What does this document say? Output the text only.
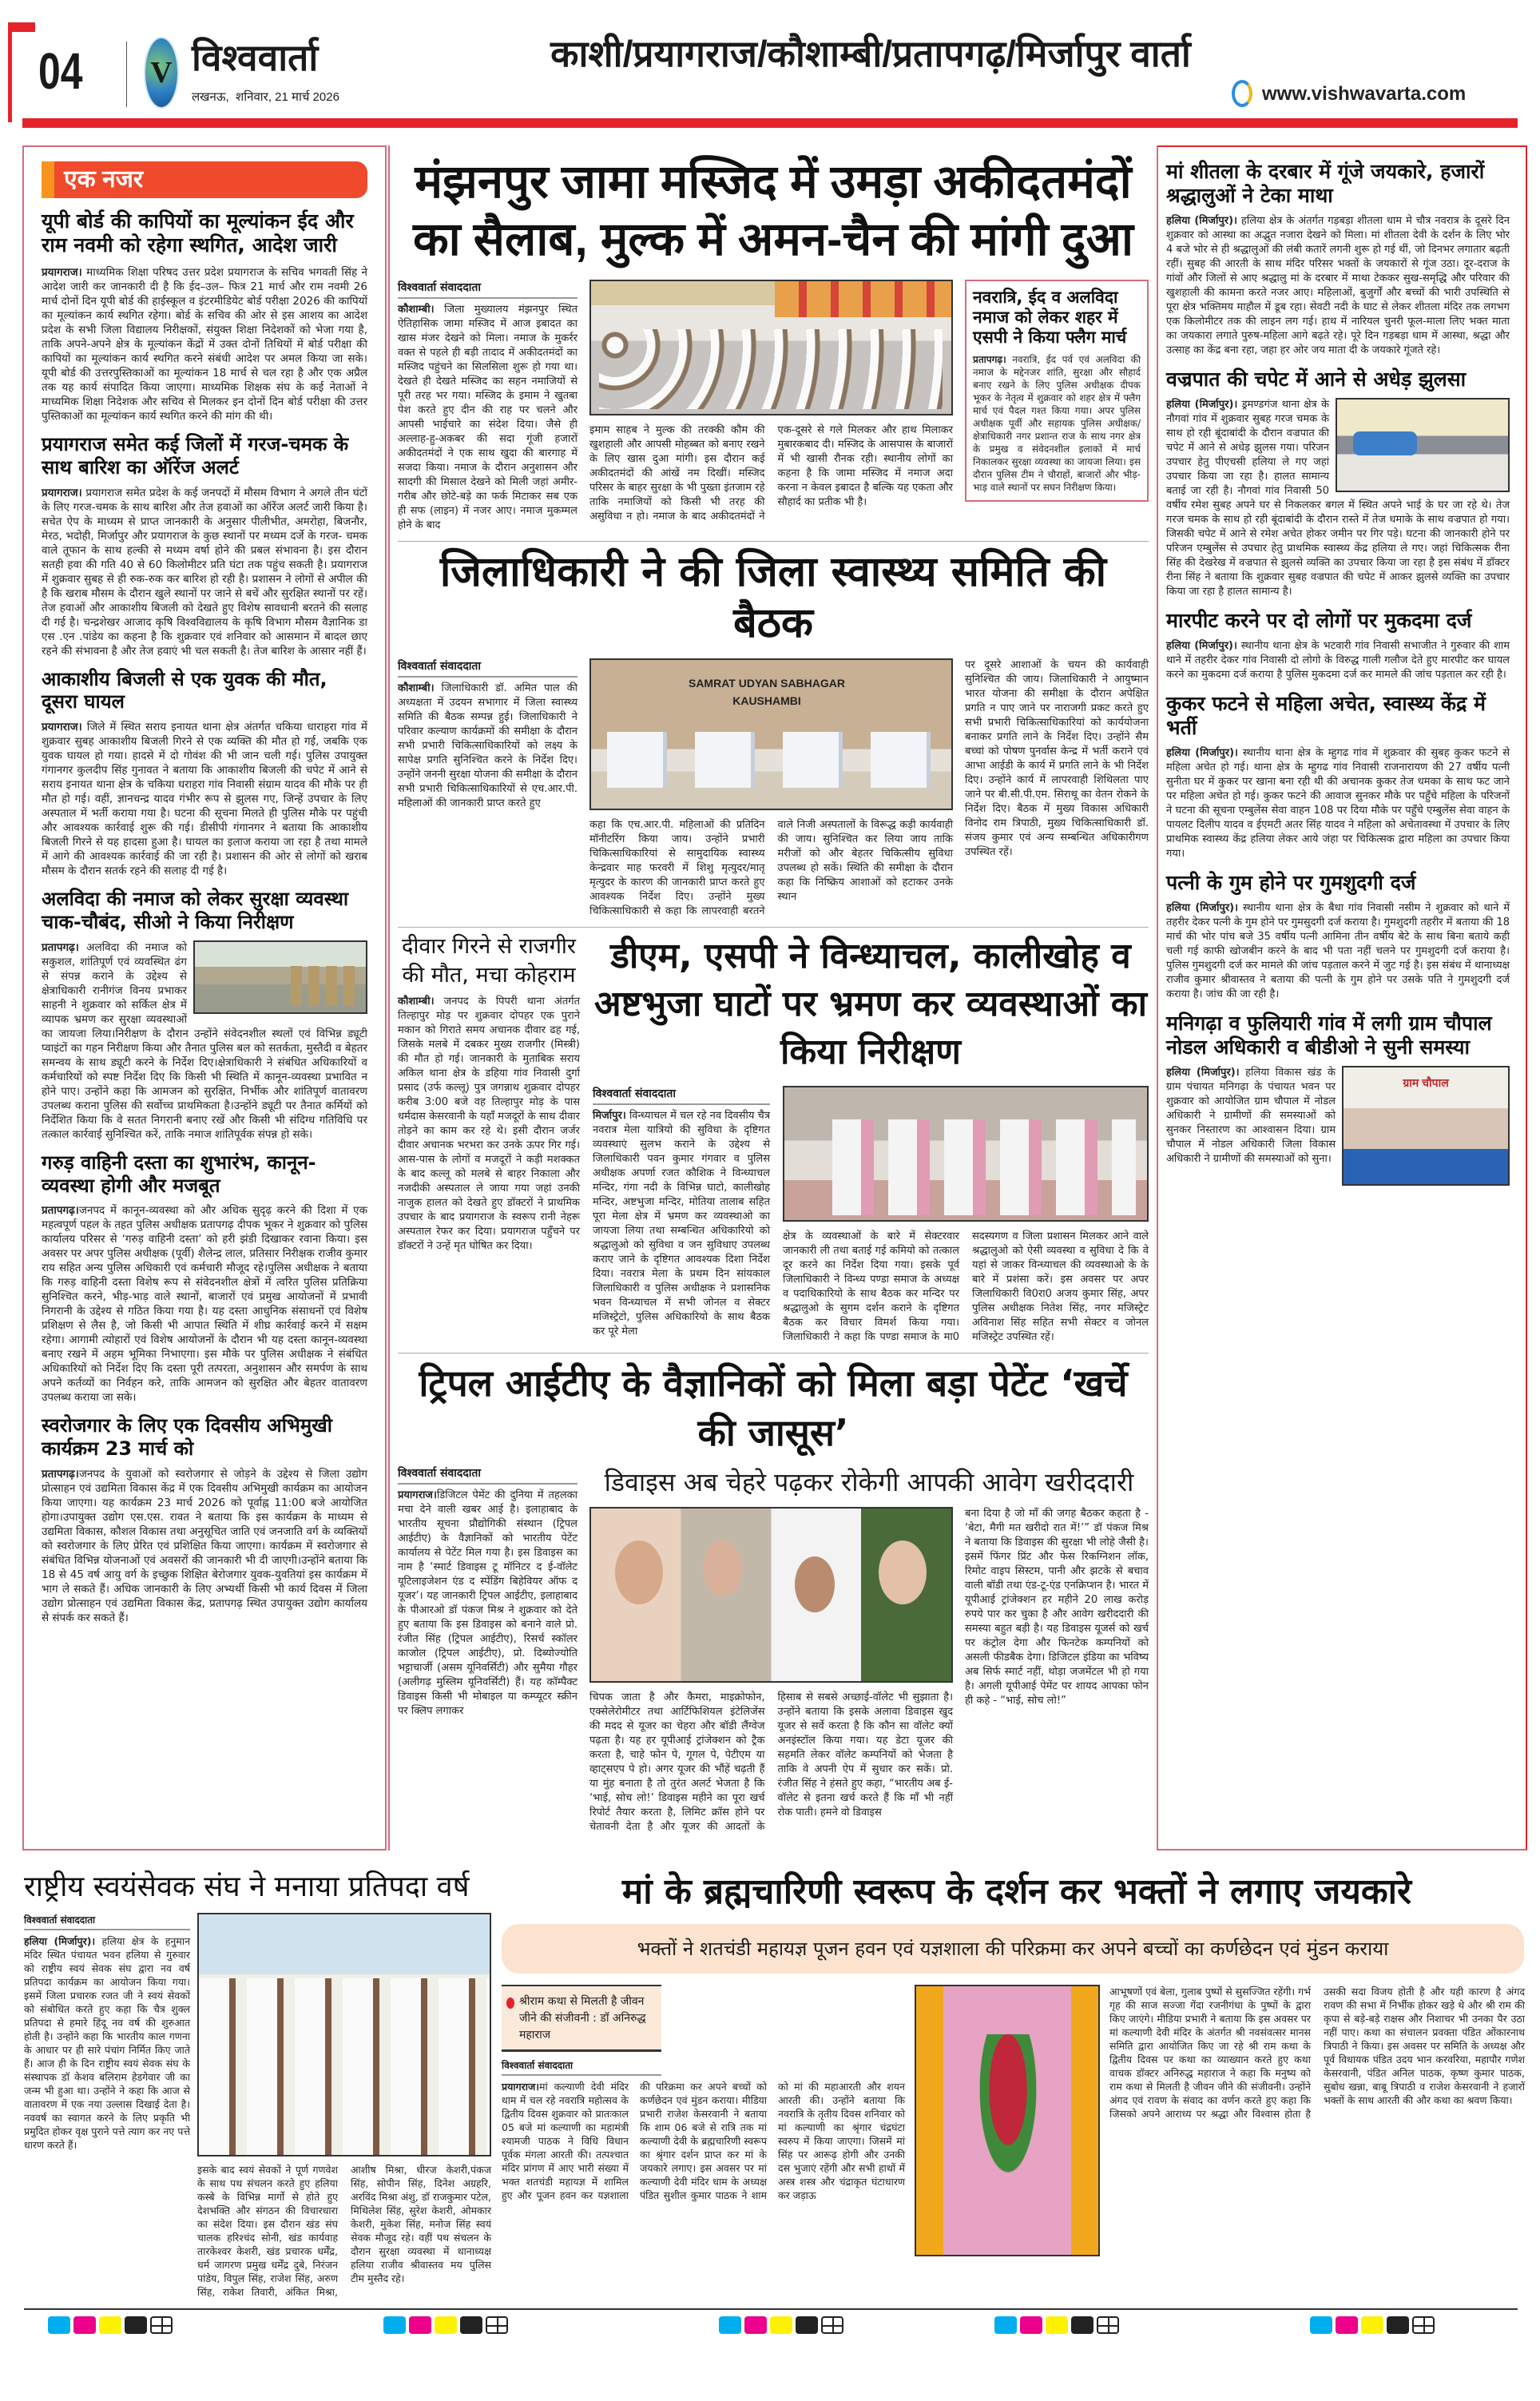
04 V विश्ववार्ता
लखनऊ,  शनिवार, 21 मार्च 2026
काशी/प्रयागराज/कौशाम्बी/प्रतापगढ़/मिर्जापुर वार्ता
www.vishwavarta.com
एक नजर
यूपी बोर्ड की कापियों का मूल्यांकन ईद और राम नवमी को रहेगा स्थगित, आदेश जारी

प्रयागराज। माध्यमिक शिक्षा परिषद उत्तर प्रदेश प्रयागराज के सचिव भगवती सिंह ने आदेश जारी कर जानकारी दी है कि ईद–उल– फित्र 21 मार्च और राम नवमी 26 मार्च दोनों दिन यूपी बोर्ड की हाईस्कूल व इंटरमीडियेट बोर्ड परीक्षा 2026 की कापियों का मूल्यांकन कार्य स्थगित रहेगा। बोर्ड के सचिव की ओर से इस आशय का आदेश प्रदेश के सभी जिला विद्यालय निरीक्षकों, संयुक्त शिक्षा निदेशकों को भेजा गया है, ताकि अपने-अपने क्षेत्र के मूल्यांकन केंद्रों में उक्त दोनों तिथियों में बोर्ड परीक्षा की कापियों का मूल्यांकन कार्य स्थगित करने संबंधी आदेश पर अमल किया जा सके। यूपी बोर्ड की उत्तरपुस्तिकाओं का मूल्यांकन 18 मार्च से चल रहा है और एक अप्रैल तक यह कार्य संपादित किया जाएगा। माध्यमिक शिक्षक संघ के कई नेताओं ने माध्यमिक शिक्षा निदेशक और सचिव से मिलकर इन दोनों दिन बोर्ड परीक्षा की उत्तर पुस्तिकाओं का मूल्यांकन कार्य स्थगित करने की मांग की थी।

प्रयागराज समेत कई जिलों में गरज-चमक के साथ बारिश का ऑरेंज अलर्ट

प्रयागराज। प्रयागराज समेत प्रदेश के कई जनपदों में मौसम विभाग ने अगले तीन घंटों के लिए गरज-चमक के साथ बारिश और तेज हवाओं का ऑरेंज अलर्ट जारी किया है। सचेत ऐप के माध्यम से प्राप्त जानकारी के अनुसार पीलीभीत, अमरोहा, बिजनौर, मेरठ, भदोही, मिर्जापुर और प्रयागराज के कुछ स्थानों पर मध्यम दर्जे के गरज- चमक वाले तूफान के साथ हल्की से मध्यम वर्षा होने की प्रबल संभावना है। इस दौरान सतही हवा की गति 40 से 60 किलोमीटर प्रति घंटा तक पहुंच सकती है। प्रयागराज में शुक्रवार सुबह से ही रुक-रुक कर बारिश हो रही है। प्रशासन ने लोगों से अपील की है कि खराब मौसम के दौरान खुले स्थानों पर जाने से बचें और सुरक्षित स्थानों पर रहें। तेज हवाओं और आकाशीय बिजली को देखते हुए विशेष सावधानी बरतने की सलाह दी गई है। चन्द्रशेखर आजाद कृषि विश्वविद्यालय के कृषि विभाग मौसम वैज्ञानिक डा एस .एन .पांडेय का कहना है कि शुक्रवार एवं शनिवार को आसमान में बादल छाए रहने की संभावना है और तेज हवाएं भी चल सकती है। तेज बारिश के आसार नहीं हैं।

आकाशीय बिजली से एक युवक की मौत, दूसरा घायल

प्रयागराज। जिले में स्थित सराय इनायत थाना क्षेत्र अंतर्गत चकिया धाराहरा गांव में शुक्रवार सुबह आकाशीय बिजली गिरने से एक व्यक्ति की मौत हो गई, जबकि एक युवक घायल हो गया। हादसे में दो गोवंश की भी जान चली गई। पुलिस उपायुक्त गंगानगर कुलदीप सिंह गुनावत ने बताया कि आकाशीय बिजली की चपेट में आने से सराय इनायत थाना क्षेत्र के चकिया धराहरा गांव निवासी संग्राम यादव की मौके पर ही मौत हो गई। वहीं, ज्ञानचन्द्र यादव गंभीर रूप से झुलस गए, जिन्हें उपचार के लिए अस्पताल में भर्ती कराया गया है। घटना की सूचना मिलते ही पुलिस मौके पर पहुंची और आवश्यक कार्रवाई शुरू की गई। डीसीपी गंगानगर ने बताया कि आकाशीय बिजली गिरने से यह हादसा हुआ है। घायल का इलाज कराया जा रहा है तथा मामले में आगे की आवश्यक कार्रवाई की जा रही है। प्रशासन की ओर से लोगों को खराब मौसम के दौरान सतर्क रहने की सलाह दी गई है।

अलविदा की नमाज को लेकर सुरक्षा व्यवस्था चाक-चौबंद, सीओ ने किया निरीक्षण

प्रतापगढ़। अलविदा की नमाज को सकुशल, शांतिपूर्ण एवं व्यवस्थित ढंग से संपन्न कराने के उद्देश्य से क्षेत्राधिकारी रानीगंज विनय प्रभाकर साहनी ने शुक्रवार को सर्किल क्षेत्र में व्यापक भ्रमण कर सुरक्षा व्यवस्थाओं का जायजा लिया।निरीक्षण के दौरान उन्होंने संवेदनशील स्थलों एवं विभिन्न ड्यूटी प्वाइंटों का गहन निरीक्षण किया और तैनात पुलिस बल को सतर्कता, मुस्तैदी व बेहतर समन्वय के साथ ड्यूटी करने के निर्देश दिए।क्षेत्राधिकारी ने संबंधित अधिकारियों व कर्मचारियों को स्पष्ट निर्देश दिए कि किसी भी स्थिति में कानून-व्यवस्था प्रभावित न होने पाए। उन्होंने कहा कि आमजन को सुरक्षित, निर्भीक और शांतिपूर्ण वातावरण उपलब्ध कराना पुलिस की सर्वोच्च प्राथमिकता है।उन्होंने ड्यूटी पर तैनात कर्मियों को निर्देशित किया कि वे सतत निगरानी बनाए रखें और किसी भी संदिग्ध गतिविधि पर तत्काल कार्रवाई सुनिश्चित करें, ताकि नमाज शांतिपूर्वक संपन्न हो सके।

गरुड़ वाहिनी दस्ता का शुभारंभ, कानून-व्यवस्था होगी और मजबूत

प्रतापगढ़।जनपद में कानून-व्यवस्था को और अधिक सुदृढ़ करने की दिशा में एक महत्वपूर्ण पहल के तहत पुलिस अधीक्षक प्रतापगढ़ दीपक भूकर ने शुक्रवार को पुलिस कार्यालय परिसर से ‘गरुड़ वाहिनी दस्ता’ को हरी झंडी दिखाकर रवाना किया। इस अवसर पर अपर पुलिस अधीक्षक (पूर्वी) शैलेन्द्र लाल, प्रतिसार निरीक्षक राजीव कुमार राय सहित अन्य पुलिस अधिकारी एवं कर्मचारी मौजूद रहे।पुलिस अधीक्षक ने बताया कि गरुड़ वाहिनी दस्ता विशेष रूप से संवेदनशील क्षेत्रों में त्वरित पुलिस प्रतिक्रिया सुनिश्चित करने, भीड़-भाड़ वाले स्थानों, बाजारों एवं प्रमुख आयोजनों में प्रभावी निगरानी के उद्देश्य से गठित किया गया है। यह दस्ता आधुनिक संसाधनों एवं विशेष प्रशिक्षण से लैस है, जो किसी भी आपात स्थिति में शीघ्र कार्रवाई करने में सक्षम रहेगा। आगामी त्योहारों एवं विशेष आयोजनों के दौरान भी यह दस्ता कानून-व्यवस्था बनाए रखने में अहम भूमिका निभाएगा। इस मौके पर पुलिस अधीक्षक ने संबंधित अधिकारियों को निर्देश दिए कि दस्ता पूरी तत्परता, अनुशासन और समर्पण के साथ अपने कर्तव्यों का निर्वहन करे, ताकि आमजन को सुरक्षित और बेहतर वातावरण उपलब्ध कराया जा सके।

स्वरोजगार के लिए एक दिवसीय अभिमुखी कार्यक्रम 23 मार्च को

प्रतापगढ़।जनपद के युवाओं को स्वरोजगार से जोड़ने के उद्देश्य से जिला उद्योग प्रोत्साहन एवं उद्यमिता विकास केंद्र में एक दिवसीय अभिमुखी कार्यक्रम का आयोजन किया जाएगा। यह कार्यक्रम 23 मार्च 2026 को पूर्वाह्न 11:00 बजे आयोजित होगा।उपायुक्त उद्योग एस.एस. रावत ने बताया कि इस कार्यक्रम के माध्यम से उद्यमिता विकास, कौशल विकास तथा अनुसूचित जाति एवं जनजाति वर्ग के व्यक्तियों को स्वरोजगार के लिए प्रेरित एवं प्रशिक्षित किया जाएगा। कार्यक्रम में स्वरोजगार से संबंधित विभिन्न योजनाओं एवं अवसरों की जानकारी भी दी जाएगी।उन्होंने बताया कि 18 से 45 वर्ष आयु वर्ग के इच्छुक शिक्षित बेरोजगार युवक-युवतियां इस कार्यक्रम में भाग ले सकते हैं। अधिक जानकारी के लिए अभ्यर्थी किसी भी कार्य दिवस में जिला उद्योग प्रोत्साहन एवं उद्यमिता विकास केंद्र, प्रतापगढ़ स्थित उपायुक्त उद्योग कार्यालय से संपर्क कर सकते हैं।

मंझनपुर जामा मस्जिद में उमड़ा अकीदतमंदों का सैलाब, मुल्क में अमन-चैन की मांगी दुआ
विश्ववार्ता संवाददाता

कौशाम्बी। जिला मुख्यालय मंझनपुर स्थित ऐतिहासिक जामा मस्जिद में आज इबादत का खास मंजर देखने को मिला। नमाज के मुकर्रर वक्त से पहले ही बड़ी तादाद में अकीदतमंदों का मस्जिद पहुंचने का सिलसिला शुरू हो गया था। देखते ही देखते मस्जिद का सहन नमाजियों से पूरी तरह भर गया। मस्जिद के इमाम ने खुतबा पेश करते हुए दीन की राह पर चलने और आपसी भाईचारे का संदेश दिया। जैसे ही अल्लाह-हु-अकबर की सदा गूंजी हजारों अकीदतमंदों ने एक साथ खुदा की बारगाह में सजदा किया। नमाज के दौरान अनुशासन और सादगी की मिसाल देखने को मिली जहां अमीर-गरीब और छोटे-बड़े का फर्क मिटाकर सब एक ही सफ (लाइन) में नजर आए। नमाज मुकम्मल होने के बाद

इमाम साहब ने मुल्क की तरक्की कौम की खुशहाली और आपसी मोहब्बत को बनाए रखने के लिए खास दुआ मांगी। इस दौरान कई अकीदतमंदों की आंखें नम दिखीं। मस्जिद परिसर के बाहर सुरक्षा के भी पुख्ता इंतजाम रहे ताकि नमाजियों को किसी भी तरह की असुविधा न हो। नमाज के बाद अकीदतमंदों ने एक-दूसरे से गले मिलकर और हाथ मिलाकर मुबारकबाद दी। मस्जिद के आसपास के बाजारों में भी खासी रौनक रही। स्थानीय लोगों का कहना है कि जामा मस्जिद में नमाज अदा करना न केवल इबादत है बल्कि यह एकता और सौहार्द का प्रतीक भी है।
नवरात्रि, ईद व अलविदा नमाज को लेकर शहर में एसपी ने किया फ्लैग मार्च

प्रतापगढ़। नवरात्रि, ईद पर्व एवं अलविदा की नमाज के मद्देनजर शांति, सुरक्षा और सौहार्द बनाए रखने के लिए पुलिस अधीक्षक दीपक भूकर के नेतृत्व में शुक्रवार को शहर क्षेत्र में फ्लैग मार्च एवं पैदल गश्त किया गया। अपर पुलिस अधीक्षक पूर्वी और सहायक पुलिस अधीक्षक/ क्षेत्राधिकारी नगर प्रशान्त राज के साथ नगर क्षेत्र के प्रमुख व संवेदनशील इलाकों में मार्च निकालकर सुरक्षा व्यवस्था का जायजा लिया। इस दौरान पुलिस टीम ने चौराहों, बाजारों और भीड़-भाड़ वाले स्थानों पर सघन निरीक्षण किया।

जिलाधिकारी ने की जिला स्वास्थ्य समिति की बैठक
विश्ववार्ता संवाददाता

कौशाम्बी। जिलाधिकारी डॉ. अमित पाल की अध्यक्षता में उदयन सभागार में जिला स्वास्थ्य समिति की बैठक सम्पन्न हुई। जिलाधिकारी ने परिवार कल्याण कार्यक्रमों की समीक्षा के दौरान सभी प्रभारी चिकित्साधिकारियों को लक्ष्य के सापेक्ष प्रगति सुनिश्चित करने के निर्देश दिए। उन्होंने जननी सुरक्षा योजना की समीक्षा के दौरान सभी प्रभारी चिकित्साधिकारियों से एच.आर.पी. महिलाओं की जानकारी प्राप्त करते हुए

SAMRAT UDYAN SABHAGAR
KAUSHAMBI
कहा कि एच.आर.पी. महिलाओं की प्रतिदिन मॉनीटरिंग किया जाय। उन्होंने प्रभारी चिकित्साधिकारियां से सामुदायिक स्वास्थ्य केन्द्रवार माह फरवरी में शिशु मृत्युदर/मातृ मृत्युदर के कारण की जानकारी प्राप्त करते हुए आवश्यक निर्देश दिए। उन्होंने मुख्य चिकित्साधिकारी से कहा कि लापरवाही बरतने वाले निजी अस्पतालों के विरूद्ध कड़ी कार्यवाही की जाय। सुनिश्चित कर लिया जाय ताकि मरीजों को और बेहतर चिकित्सीय सुविधा उपलब्ध हो सकें। स्थिति की समीक्षा के दौरान कहा कि निष्क्रिय आशाओं को हटाकर उनके स्थान
पर दूसरे आशाओं के चयन की कार्यवाही सुनिश्चित की जाय। जिलाधिकारी ने आयुष्मान भारत योजना की समीक्षा के दौरान अपेक्षित प्रगति न पाए जाने पर नाराजगी प्रकट करते हुए सभी प्रभारी चिकित्साधिकारियां को कार्ययोजना बनाकर प्रगति लाने के निर्देश दिए। उन्होंने सैम बच्चां को पोषण पुनर्वास केन्द्र में भर्ती कराने एवं आभा आईडी के कार्य में प्रगति लाने के भी निर्देश दिए। उन्होंने कार्य में लापरवाही शिथिलता पाए जाने पर बी.सी.पी.एम. सिराथू का वेतन रोकने के निर्देश दिए। बैठक में मुख्य विकास अधिकारी विनोद राम त्रिपाठी, मुख्य चिकित्साधिकारी डॉ. संजय कुमार एवं अन्य सम्बन्धित अधिकारीगण उपस्थित रहें।
दीवार गिरने से राजगीर की मौत, मचा कोहराम

कौशाम्बी। जनपद के पिपरी थाना अंतर्गत तिल्हापुर मोड़ पर शुक्रवार दोपहर एक पुराने मकान को गिराते समय अचानक दीवार ढह गई, जिसके मलबे में दबकर मुख्य राजगीर (मिस्त्री) की मौत हो गई। जानकारी के मुताबिक सराय अकिल थाना क्षेत्र के डहिया गांव निवासी दुर्गा प्रसाद (उर्फ कल्लू) पुत्र जगन्नाथ शुक्रवार दोपहर करीब 3:00 बजे वह तिल्हापुर मोड़ के पास धर्मदास केसरवानी के यहाँ मजदूरों के साथ दीवार तोड़ने का काम कर रहे थे। इसी दौरान जर्जर दीवार अचानक भरभरा कर उनके ऊपर गिर गई। आस-पास के लोगों व मजदूरों ने कड़ी मशक्कत के बाद कल्लू को मलबे से बाहर निकाला और नजदीकी अस्पताल ले जाया गया जहां उनकी नाजुक हालत को देखते हुए डॉक्टरों ने प्राथमिक उपचार के बाद प्रयागराज के स्वरूप रानी नेहरू अस्पताल रेफर कर दिया। प्रयागराज पहुँचने पर डॉक्टरों ने उन्हें मृत घोषित कर दिया।

डीएम, एसपी ने विन्ध्याचल, कालीखोह व अष्टभुजा घाटों पर भ्रमण कर व्यवस्थाओं का किया निरीक्षण
विश्ववार्ता संवाददाता

मिर्जापुर। विन्ध्याचल में चल रहे नव दिवसीय चैत्र नवरात्र मेला यात्रियो की सुविधा के दृष्टिगत व्यवस्थाएं सुलभ कराने के उद्देश्य से जिलाधिकारी पवन कुमार गंगवार व पुलिस अधीक्षक अपर्णा रजत कौशिक ने विन्ध्याचल मन्दिर, गंगा नदी के विभिन्न घाटो, कालीखोह मन्दिर, अष्टभुजा मन्दिर, मोतिया तालाब सहित पूरा मेला क्षेत्र में भ्रमण कर व्यवस्थाओ का जायजा लिया तथा सम्बन्धित अधिकारियो को श्रद्धालुओ को सुविधा व जन सुविधाए उपलब्ध कराए जाने के दृष्टिगत आवश्यक दिशा निर्देश दिया। नवरात्र मेला के प्रथम दिन सांयकाल जिलाधिकारी व पुलिस अधीक्षक ने प्रशासनिक भवन विन्ध्याचल में सभी जोनल व सेक्टर मजिस्ट्रेटो, पुलिस अधिकारियो के साथ बैठक कर पूरे मेला

क्षेत्र के व्यवस्थाओं के बारे में सेक्टरवार जानकारी ली तथा बताई गई कमियो को तत्काल दूर करने का निर्देश दिया गया। इसके पूर्व जिलाधिकारी ने विन्ध्य पण्डा समाज के अध्यक्ष व पदाधिकारियो के साथ बैठक कर मन्दिर पर श्रद्धालुओ के सुगम दर्शन कराने के दृष्टिगत बैठक कर विचार विमर्श किया गया। जिलाधिकारी ने कहा कि पण्डा समाज के मा0 सदस्यगण व जिला प्रशासन मिलकर आने वाले श्रद्धालुओ को ऐसी व्यवस्था व सुविधा दे कि वे यहां से जाकर विन्ध्याचल की व्यवस्थाओ के के बारे में प्रशंसा करें। इस अवसर पर अपर जिलाधिकारी वि0रा0 अजय कुमार सिंह, अपर पुलिस अधीक्षक नितेश सिंह, नगर मजिस्ट्रेट अविनाश सिंह सहित सभी सेक्टर व जोनल मजिस्ट्रेट उपस्थित रहें।
ट्रिपल आईटीए के वैज्ञानिकों को मिला बड़ा पेटेंट ‘खर्चे की जासूस’
विश्ववार्ता संवाददाता

प्रयागराज।डिजिटल पेमेंट की दुनिया में तहलका मचा देने वाली खबर आई है। इलाहाबाद के भारतीय सूचना प्रौद्योगिकी संस्थान (ट्रिपल आईटीए) के वैज्ञानिकों को भारतीय पेटेंट कार्यालय से पेटेंट मिल गया है। इस डिवाइस का नाम है ‘स्मार्ट डिवाइस टू मॉनिटर द ई-वॉलेट यूटिलाइजेशन एंड द स्पेंडिंग बिहेवियर ऑफ द यूजर’। यह जानकारी ट्रिपल आईटीए, इलाहाबाद के पीआरओ डॉ पंकज मिश्र ने शुक्रवार को देते हुए बताया कि इस डिवाइस को बनाने वाले प्रो. रंजीत सिंह (ट्रिपल आईटीए), रिसर्च स्कॉलर काजोल (ट्रिपल आईटीए), प्रो. दिब्योज्योति भट्टाचार्जी (असम यूनिवर्सिटी) और सुमैया गौहर (अलीगढ़ मुस्लिम यूनिवर्सिटी) हैं। यह कॉम्पैक्ट डिवाइस किसी भी मोबाइल या कम्प्यूटर स्क्रीन पर क्लिप लगाकर

डिवाइस अब चेहरे पढ़कर रोकेगी आपकी आवेग खरीददारी
चिपक जाता है और कैमरा, माइक्रोफोन, एक्सेलेरोमीटर तथा आर्टिफिशियल इंटेलिजेंस की मदद से यूजर का चेहरा और बॉडी लैंग्वेज पढ़ता है। यह हर यूपीआई ट्रांजेक्शन को ट्रैक करता है, चाहे फोन पे, गूगल पे, पेटीएम या व्हाट्सएप पे हो। अगर यूजर की भौंहें चढ़ती हैं या मुंह बनाता है तो तुरंत अलर्ट भेजता है कि ‘भाई, सोच लो!’ डिवाइस महीने का पूरा खर्च रिपोर्ट तैयार करता है, लिमिट क्रॉस होने पर चेतावनी देता है और यूजर की आदतों के हिसाब से सबसे अच्छाई-वॉलेट भी सुझाता है। उन्होंने बताया कि इसके अलावा डिवाइस खुद यूजर से सर्वे करता है कि कौन सा वॉलेट क्यों अनइंस्टॉल किया गया। यह डेटा यूजर की सहमति लेकर वॉलेट कम्पनियों को भेजता है ताकि वे अपनी ऐप में सुधार कर सकें। प्रो. रंजीत सिंह ने हंसते हुए कहा, “भारतीय अब ई-वॉलेट से इतना खर्च करते हैं कि माँ भी नहीं रोक पाती। हमने वो डिवाइस
बना दिया है जो माँ की जगह बैठकर कहता है - ‘बेटा, मैगी मत खरीदो रात में!’” डॉ पंकज मिश्र ने बताया कि डिवाइस की सुरक्षा भी लोहे जैसी है। इसमें फिंगर प्रिंट और फेस रिकग्निशन लॉक, रिमोट वाइप सिस्टम, पानी और झटके से बचाव वाली बॉडी तथा एंड-टू-एंड एनक्रिप्शन है। भारत में यूपीआई ट्रांजेक्शन हर महीने 20 लाख करोड़ रुपये पार कर चुका है और आवेग खरीददारी की समस्या बहुत बड़ी है। यह डिवाइस यूजर्स को खर्च पर कंट्रोल देगा और फिनटेक कम्पनियों को असली फीडबैक देगा। डिजिटल इंडिया का भविष्य अब सिर्फ स्मार्ट नहीं, थोड़ा जजमेंटल भी हो गया है। अगली यूपीआई पेमेंट पर शायद आपका फोन ही कहे - “भाई, सोच लो!”
मां शीतला के दरबार में गूंजे जयकारे, हजारों श्रद्धालुओं ने टेका माथा

हलिया (मिर्जापुर)। हलिया क्षेत्र के अंतर्गत गड़बड़ा शीतला धाम मे चौत्र नवरात्र के दूसरे दिन शुक्रवार को आस्था का अद्भुत नजारा देखने को मिला। मां शीतला देवी के दर्शन के लिए भोर 4 बजे भोर से ही श्रद्धालुओं की लंबी कतारें लगनी शुरू हो गई थीं, जो दिनभर लगातार बढ़ती रहीं। सुबह की आरती के साथ मंदिर परिसर भक्तों के जयकारों से गूंज उठा। दूर-दराज के गांवों और जिलों से आए श्रद्धालु मां के दरबार में माथा टेककर सुख-समृद्धि और परिवार की खुशहाली की कामना करते नजर आए। महिलाओं, बुजुर्गों और बच्चों की भारी उपस्थिति से पूरा क्षेत्र भक्तिमय माहौल में डूब रहा। सेवटी नदी के घाट से लेकर शीतला मंदिर तक लगभग एक किलोमीटर तक की लाइन लग गई। हाथ में नारियल चुनरी फूल-माला लिए भक्त माता का जयकारा लगाते पुरुष-महिला आगे बढ़ते रहे। पूरे दिन गड़बड़ा धाम में आस्था, श्रद्धा और उत्साह का केंद्र बना रहा, जहा हर ओर जय माता दी के जयकारे गूंजते रहे।

वज्रपात की चपेट में आने से अधेड़ झुलसा

हलिया (मिर्जापुर)। ड्रमण्डगंज थाना क्षेत्र के नौगवां गांव में शुक्रवार सुबह गरज चमक के साथ हो रही बूंदाबांदी के दौरान वज्रपात की चपेट में आने से अधेड़ झुलस गया। परिजन उपचार हेतु पीएचसी हलिया ले गए जहां उपचार किया जा रहा है। हालत सामान्य बताई जा रही है। नौगवां गांव निवासी 50 वर्षीय रमेश सुबह अपने घर से निकलकर बगल में स्थित अपने भाई के घर जा रहे थे। तेज गरज चमक के साथ हो रही बूंदाबांदी के दौरान रास्ते में तेज धमाके के साथ वज्रपात हो गया। जिसकी चपेट में आने से रमेश अचेत होकर जमीन पर गिर पड़े। घटना की जानकारी होने पर परिजन एम्बुलेंस से उपचार हेतु प्राथमिक स्वास्थ्य केंद्र हलिया ले गए। जहां चिकित्सक रीना सिंह की देखरेख में वज्रपात से झुलसे व्यक्ति का उपचार किया जा रहा है इस संबंध में डॉक्टर रीना सिंह ने बताया कि शुक्रवार सुबह वज्रपात की चपेट में आकर झुलसे व्यक्ति का उपचार किया जा रहा है हालत सामान्य है।

मारपीट करने पर दो लोगों पर मुकदमा दर्ज

हलिया (मिर्जापुर)। स्थानीय थाना क्षेत्र के भटवारी गांव निवासी सभाजीत ने गुरुवार की शाम थाने में तहरीर देकर गांव निवासी दो लोगो के विरुद्ध गाली गलौज देते हुए मारपीट कर घायल करने का मुकदमा दर्ज कराया है पुलिस मुकदमा दर्ज कर मामले की जांच पड़ताल कर रही है।

कुकर फटने से महिला अचेत, स्वास्थ्य केंद्र में भर्ती

हलिया (मिर्जापुर)। स्थानीय थाना क्षेत्र के म्हुगढ गांव में शुक्रवार की सुबह कुकर फटने से महिला अचेत हो गई। थाना क्षेत्र के म्हुगढ गांव निवासी राजनारायण की 27 वर्षीय पत्नी सुनीता घर में कुकर पर खाना बना रही थी की अचानक कुकर तेज धमका के साथ फट जाने पर महिला अचेत हो गई। कुकर फटने की आवाज सुनकर मौके पर पहुँचे महिला के परिजनों ने घटना की सूचना एम्बुलेंस सेवा वाहन 108 पर दिया मौके पर पहुँचे एम्बुलेंस सेवा वाहन के पायलट दिलीप यादव व ईएमटी अतर सिंह यादव ने महिला को अचेतावस्था में उपचार के लिए प्राथमिक स्वास्थ्य केंद्र हलिया लेकर आये जंहा पर चिकित्सक द्वारा महिला का उपचार किया गया।

पत्नी के गुम होने पर गुमशुदगी दर्ज

हलिया (मिर्जापुर)। स्थानीय थाना क्षेत्र के बैधा गांव निवासी नसीम ने शुक्रवार को थाने में तहरीर देकर पत्नी के गुम होने पर गुमसुदगी दर्ज कराया है। गुमशुदगी तहरीर में बताया की 18 मार्च की भोर पांच बजे 35 वर्षीय पत्नी आमिना तीन वर्षीय बेटे के साथ बिना बताये कही चली गई काफी खोजबीन करने के बाद भी पता नहीं चलने पर गुमशुदगी दर्ज कराया है। पुलिस गुमशुदगी दर्ज कर मामले की जांच पड़ताल करने में जुट गई है। इस संबंध में थानाध्यक्ष राजीव कुमार श्रीवास्तव ने बताया की पत्नी के गुम होने पर उसके पति ने गुमशुदगी दर्ज कराया है। जांच की जा रही है।

मनिगढ़ा व फुलियारी गांव में लगी ग्राम चौपाल नोडल अधिकारी व बीडीओ ने सुनी समस्या
ग्राम चौपाल

हलिया (मिर्जापुर)। हलिया विकास खंड के ग्राम पंचायत मनिगढ़ा के पंचायत भवन पर शुक्रवार को आयोजित ग्राम चौपाल में नोडल अधिकारी ने ग्रामीणों की समस्याओं को सुनकर निस्तारण का आश्वासन दिया। ग्राम चौपाल में नोडल अधिकारी जिला विकास अधिकारी ने ग्रामीणों की समस्याओं को सुना।

राष्ट्रीय स्वयंसेवक संघ ने मनाया प्रतिपदा वर्ष
विश्ववार्ता संवाददाता

हलिया (मिर्जापुर)। हलिया क्षेत्र के हनुमान मंदिर स्थित पंचायत भवन हलिया से गुरुवार को राष्ट्रीय स्वयं सेवक संघ द्वारा नव वर्ष प्रतिपदा कार्यक्रम का आयोजन किया गया। इसमें जिला प्रचारक रजत जी ने स्वयं सेवकों को संबोधित करते हुए कहा कि चैत्र शुक्ल प्रतिपदा से हमारे हिंदू नव वर्ष की शुरुआत होती है। उन्होंने कहा कि भारतीय काल गणना के आधार पर ही सारे पंचांग निर्मित किए जाते हैं। आज ही के दिन राष्ट्रीय स्वयं सेवक संघ के संस्थापक डॉ केशव बलिराम हेडगेवार जी का जन्म भी हुआ था। उन्होंने ने कहा कि आज से वातावरण में एक नया उल्लास दिखाई देता है। नववर्ष का स्वागत करने के लिए प्रकृति भी प्रमुदित होकर वृक्ष पुराने पत्ते त्याग कर नए पत्ते धारण करते हैं।

इसके बाद स्वयं सेवकों ने पूर्ण गणवेश के साथ पथ संचलन करते हुए हलिया कस्बे के विभिन्न मार्गो से होते हुए देशभक्ति और संगठन की विचारधारा का संदेश दिया। इस दौरान खंड संघ चालक हरिश्चंद सोनी, खंड कार्यवाह तारकेश्वर केशरी, खंड प्रचारक धर्मेंद्र, धर्म जागरण प्रमुख धर्मेंद्र दुबे, निरंजन पांडेय, विपुल सिंह, राजेश सिंह, अरुण सिंह, राकेश तिवारी, अंकित मिश्रा, आशीष मिश्रा, धीरज केशरी,पंकज सिंह, सोपीन सिंह, दिनेश अग्रहरि, अरविंद मिश्रा अंशु, डॉ राजकुमार पटेल, मिथिलेश सिंह, सुरेश केशरी, ओमकार केशरी, मुकेश सिंह, मनोज सिंह स्वयं सेवक मौजूद रहे। वहीं पथ संचलन के दौरान सुरक्षा व्यवस्था में थानाध्यक्ष हलिया राजीव श्रीवास्तव मय पुलिस टीम मुस्तैद रहे।
मां के ब्रह्मचारिणी स्वरूप के दर्शन कर भक्तों ने लगाए जयकारे
भक्तों ने शतचंडी महायज्ञ पूजन हवन एवं यज्ञशाला की परिक्रमा कर अपने बच्चों का कर्णछेदन एवं मुंडन कराया
श्रीराम कथा से मिलती है जीवन जीने की संजीवनी : डॉ अनिरुद्ध महाराज
विश्ववार्ता संवाददाता
प्रयागराज।मां कल्याणी देवी मंदिर धाम में चल रहे नवरात्रि महोत्सव के द्वितीय दिवस शुक्रवार को प्रातःकाल 05 बजे मां कल्याणी का महामंत्री श्यामजी पाठक ने विधि विधान पूर्वक मंगला आरती की। तत्पश्चात मंदिर प्रांगण में आए भारी संख्या में भक्त शतचंडी महायज्ञ में शामिल हुए और पूजन हवन कर यज्ञशाला की परिक्रमा कर अपने बच्चों को कर्णछेदन एवं मुंडन कराया। मीडिया प्रभारी राजेश केसरवानी ने बताया कि शाम 06 बजे से रात्रि तक मां कल्याणी देवी के ब्रह्मचारिणी स्वरूप का श्रृंगार दर्शन प्राप्त कर मां के जयकारे लगाए। इस अवसर पर मां कल्याणी देवी मंदिर धाम के अध्यक्ष पंडित सुशील कुमार पाठक ने शाम को मां की महाआरती और शयन आरती की। उन्होंने बताया कि नवरात्रि के तृतीय दिवस शनिवार को मां कल्याणी का श्रृंगार चंद्रघंटा स्वरुप में किया जाएगा। जिसमें मां सिंह पर आरूढ़ होगी और उनकी दस भुजाएं रहेंगी और सभी हाथों में अस्त्र शस्त्र और चंद्राकृत घंटाधारण कर जड़ाऊ
आभूषणों एवं बेला, गुलाब पुष्पों से सुसज्जित रहेंगी। गर्भ गृह की साज सज्जा गेंदा रजनीगंधा के पुष्पों के द्वारा किए जाएंगे। मीडिया प्रभारी ने बताया कि इस अवसर पर मां कल्याणी देवी मंदिर के अंतर्गत श्री नवसंवत्सर मानस समिति द्वारा आयोजित किए जा रहे श्री राम कथा के द्वितीय दिवस पर कथा का व्याख्यान करते हुए कथा वाचक डॉक्टर अनिरुद्ध महाराज ने कहा कि मनुष्य को राम कथा से मिलती है जीवन जीने की संजीवनी। उन्होंने अंगद एवं रावण के संवाद का वर्णन करते हुए कहा कि जिसको अपने आराध्य पर श्रद्धा और विश्वास होता है उसकी सदा विजय होती है और यही कारण है अंगद रावण की सभा में निर्भीक होकर खड़े थे और श्री राम की कृपा से बड़े-बड़े राक्षस और निशाचर भी उनका पैर उठा नहीं पाए। कथा का संचालन प्रवक्ता पंडित ओंकारनाथ त्रिपाठी ने किया। इस अवसर पर समिति के अध्यक्ष और पूर्व विधायक पंडित उदय भान करवरिया, महापौर गणेश केसरवानी, पंडित अनिल पाठक, कृष्ण कुमार पाठक, सुबोध खन्ना, बाबू त्रिपाठी व राजेश केसरवानी ने हजारों भक्तों के साथ आरती की और कथा का श्रवण किया।
